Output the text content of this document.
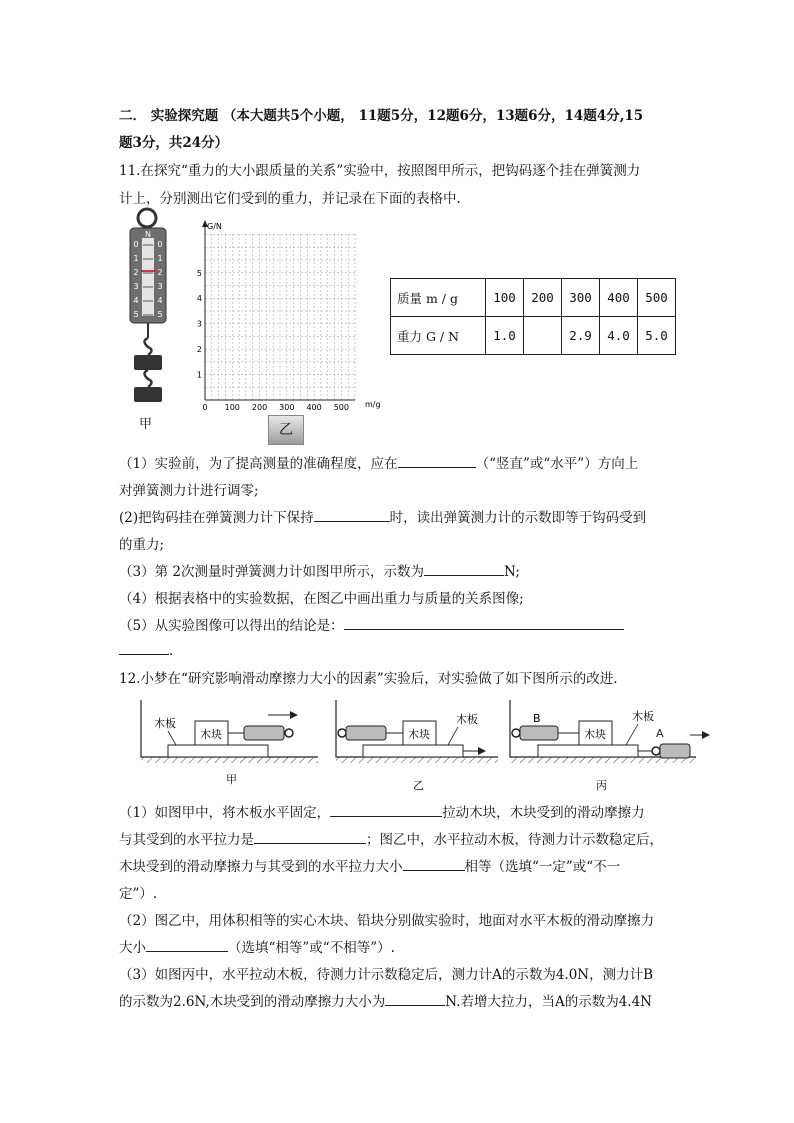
二． 实验探究题 （本大题共5个小题， 11题5分，12题6分，13题6分，14题4分,15
题3分，共24分）
11.在探究“重力的大小跟质量的关系”实验中，按照图甲所示，把钩码逐个挂在弹簧测力
计上，分别测出它们受到的重力，并记录在下面的表格中.
N
0
1
2
3
4
5
0
1
2
3
4
5
甲
G/N
m/g
0 100 200 300 400 500
1
2
3
4
5
乙
质量 m / g	100	200	300	400	500
重力 G / N	1.0		2.9	4.0	5.0
（1）实验前，为了提高测量的准确程度，应在	（“竖直”或“水平”）方向上
对弹簧测力计进行调零;
(2)把钩码挂在弹簧测力计下保持	时，读出弹簧测力计的示数即等于钩码受到
的重力;
（3）第 2次测量时弹簧测力计如图甲所示，示数为	N;
（4）根据表格中的实验数据，在图乙中画出重力与质量的关系图像;
（5）从实验图像可以得出的结论是：
.
12.小梦在“研究影响滑动摩擦力大小的因素”实验后，对实验做了如下图所示的改进.
木板
木块
甲
木块
木板
乙
B
木块
木板
A
丙
（1）如图甲中，将木板水平固定，	拉动木块，木块受到的滑动摩擦力
与其受到的水平拉力是	；图乙中，水平拉动木板，待测力计示数稳定后，
木块受到的滑动摩擦力与其受到的水平拉力大小	相等（选填“一定”或“不一
定”）.
（2）图乙中，用体积相等的实心木块、铅块分别做实验时，地面对水平木板的滑动摩擦力
大小	（选填“相等”或“不相等”）.
（3）如图丙中，水平拉动木板，待测力计示数稳定后，测力计A的示数为4.0N，测力计B
的示数为2.6N,木块受到的滑动摩擦力大小为	N.若增大拉力，当A的示数为4.4N
